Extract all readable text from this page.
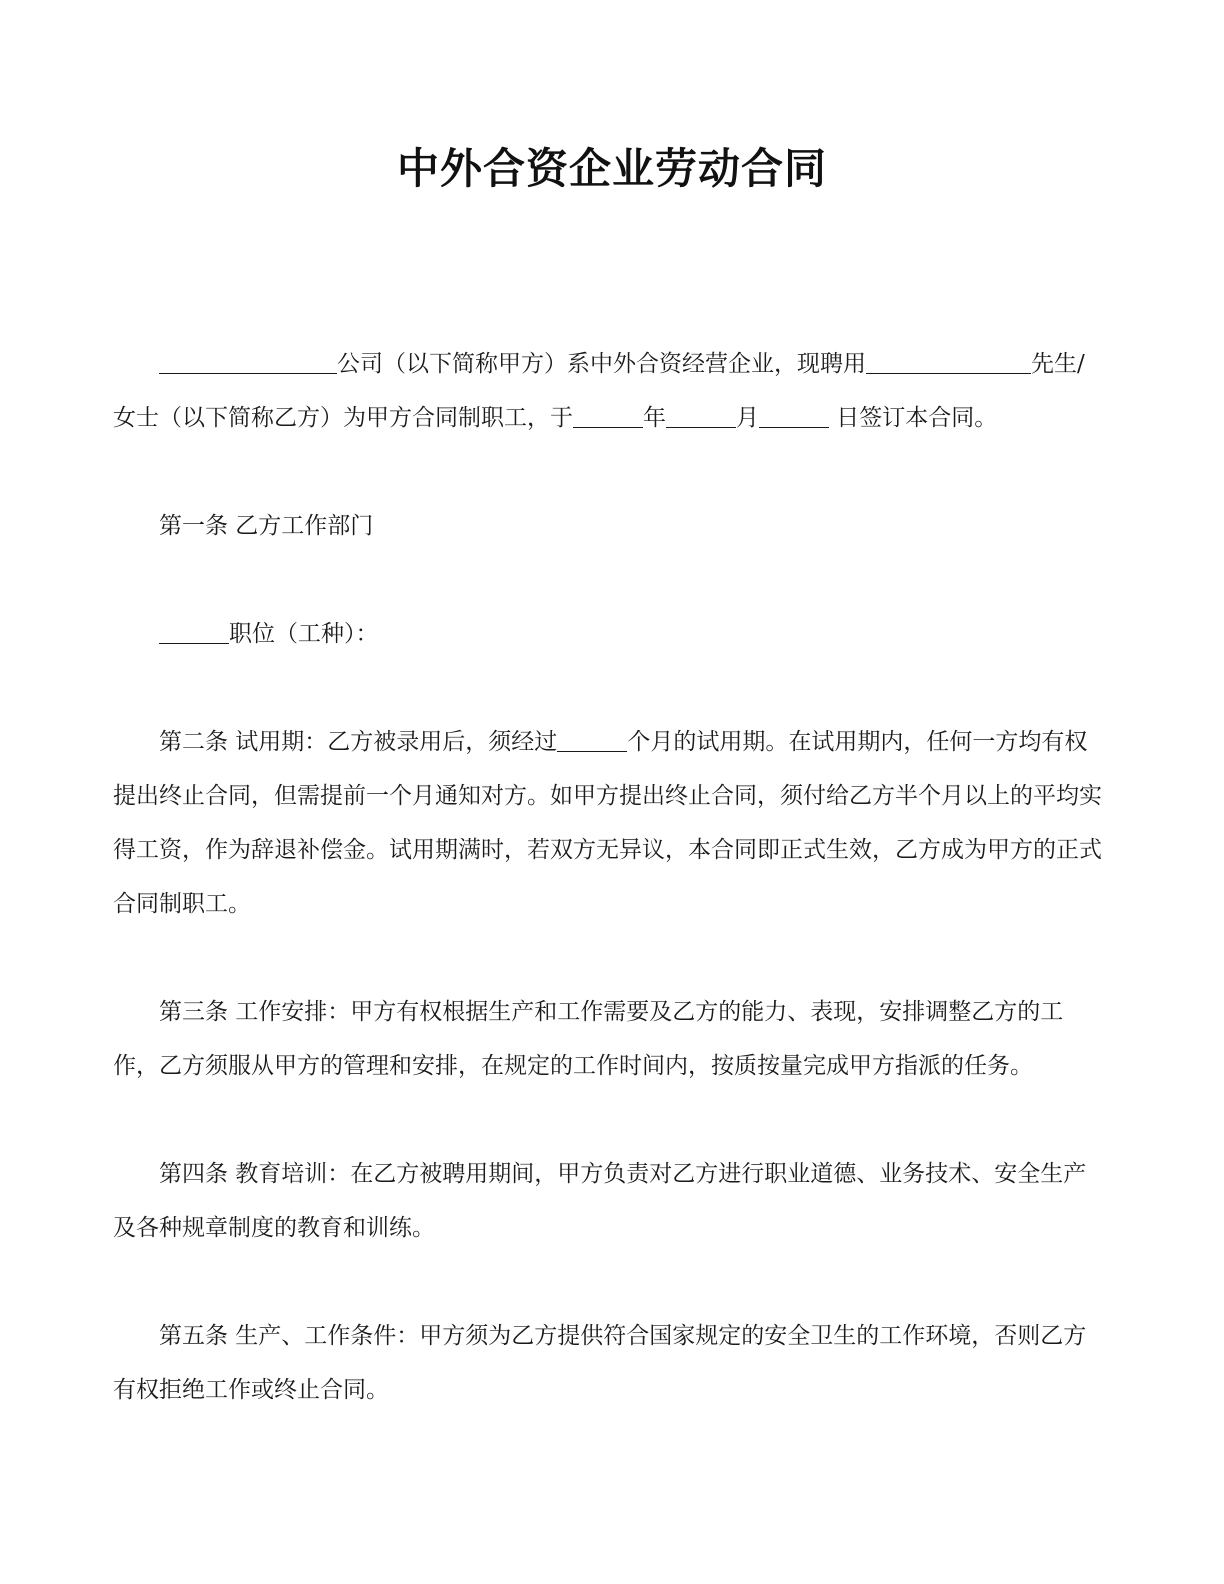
中外合资企业劳动合同
公司（以下简称甲方）系中外合资经营企业，现聘用	先生/女士（以下简称乙方）为甲方合同制职工，于	年	月	日签订本合同。
第一条 乙方工作部门
职位（工种）：
第二条 试用期：乙方被录用后，须经过	个月的试用期。在试用期内，任何一方均有权提出终止合同，但需提前一个月通知对方。如甲方提出终止合同，须付给乙方半个月以上的平均实得工资，作为辞退补偿金。试用期满时，若双方无异议，本合同即正式生效，乙方成为甲方的正式合同制职工。
第三条 工作安排：甲方有权根据生产和工作需要及乙方的能力、表现，安排调整乙方的工作，乙方须服从甲方的管理和安排，在规定的工作时间内，按质按量完成甲方指派的任务。
第四条 教育培训：在乙方被聘用期间，甲方负责对乙方进行职业道德、业务技术、安全生产及各种规章制度的教育和训练。
第五条 生产、工作条件：甲方须为乙方提供符合国家规定的安全卫生的工作环境，否则乙方有权拒绝工作或终止合同。
